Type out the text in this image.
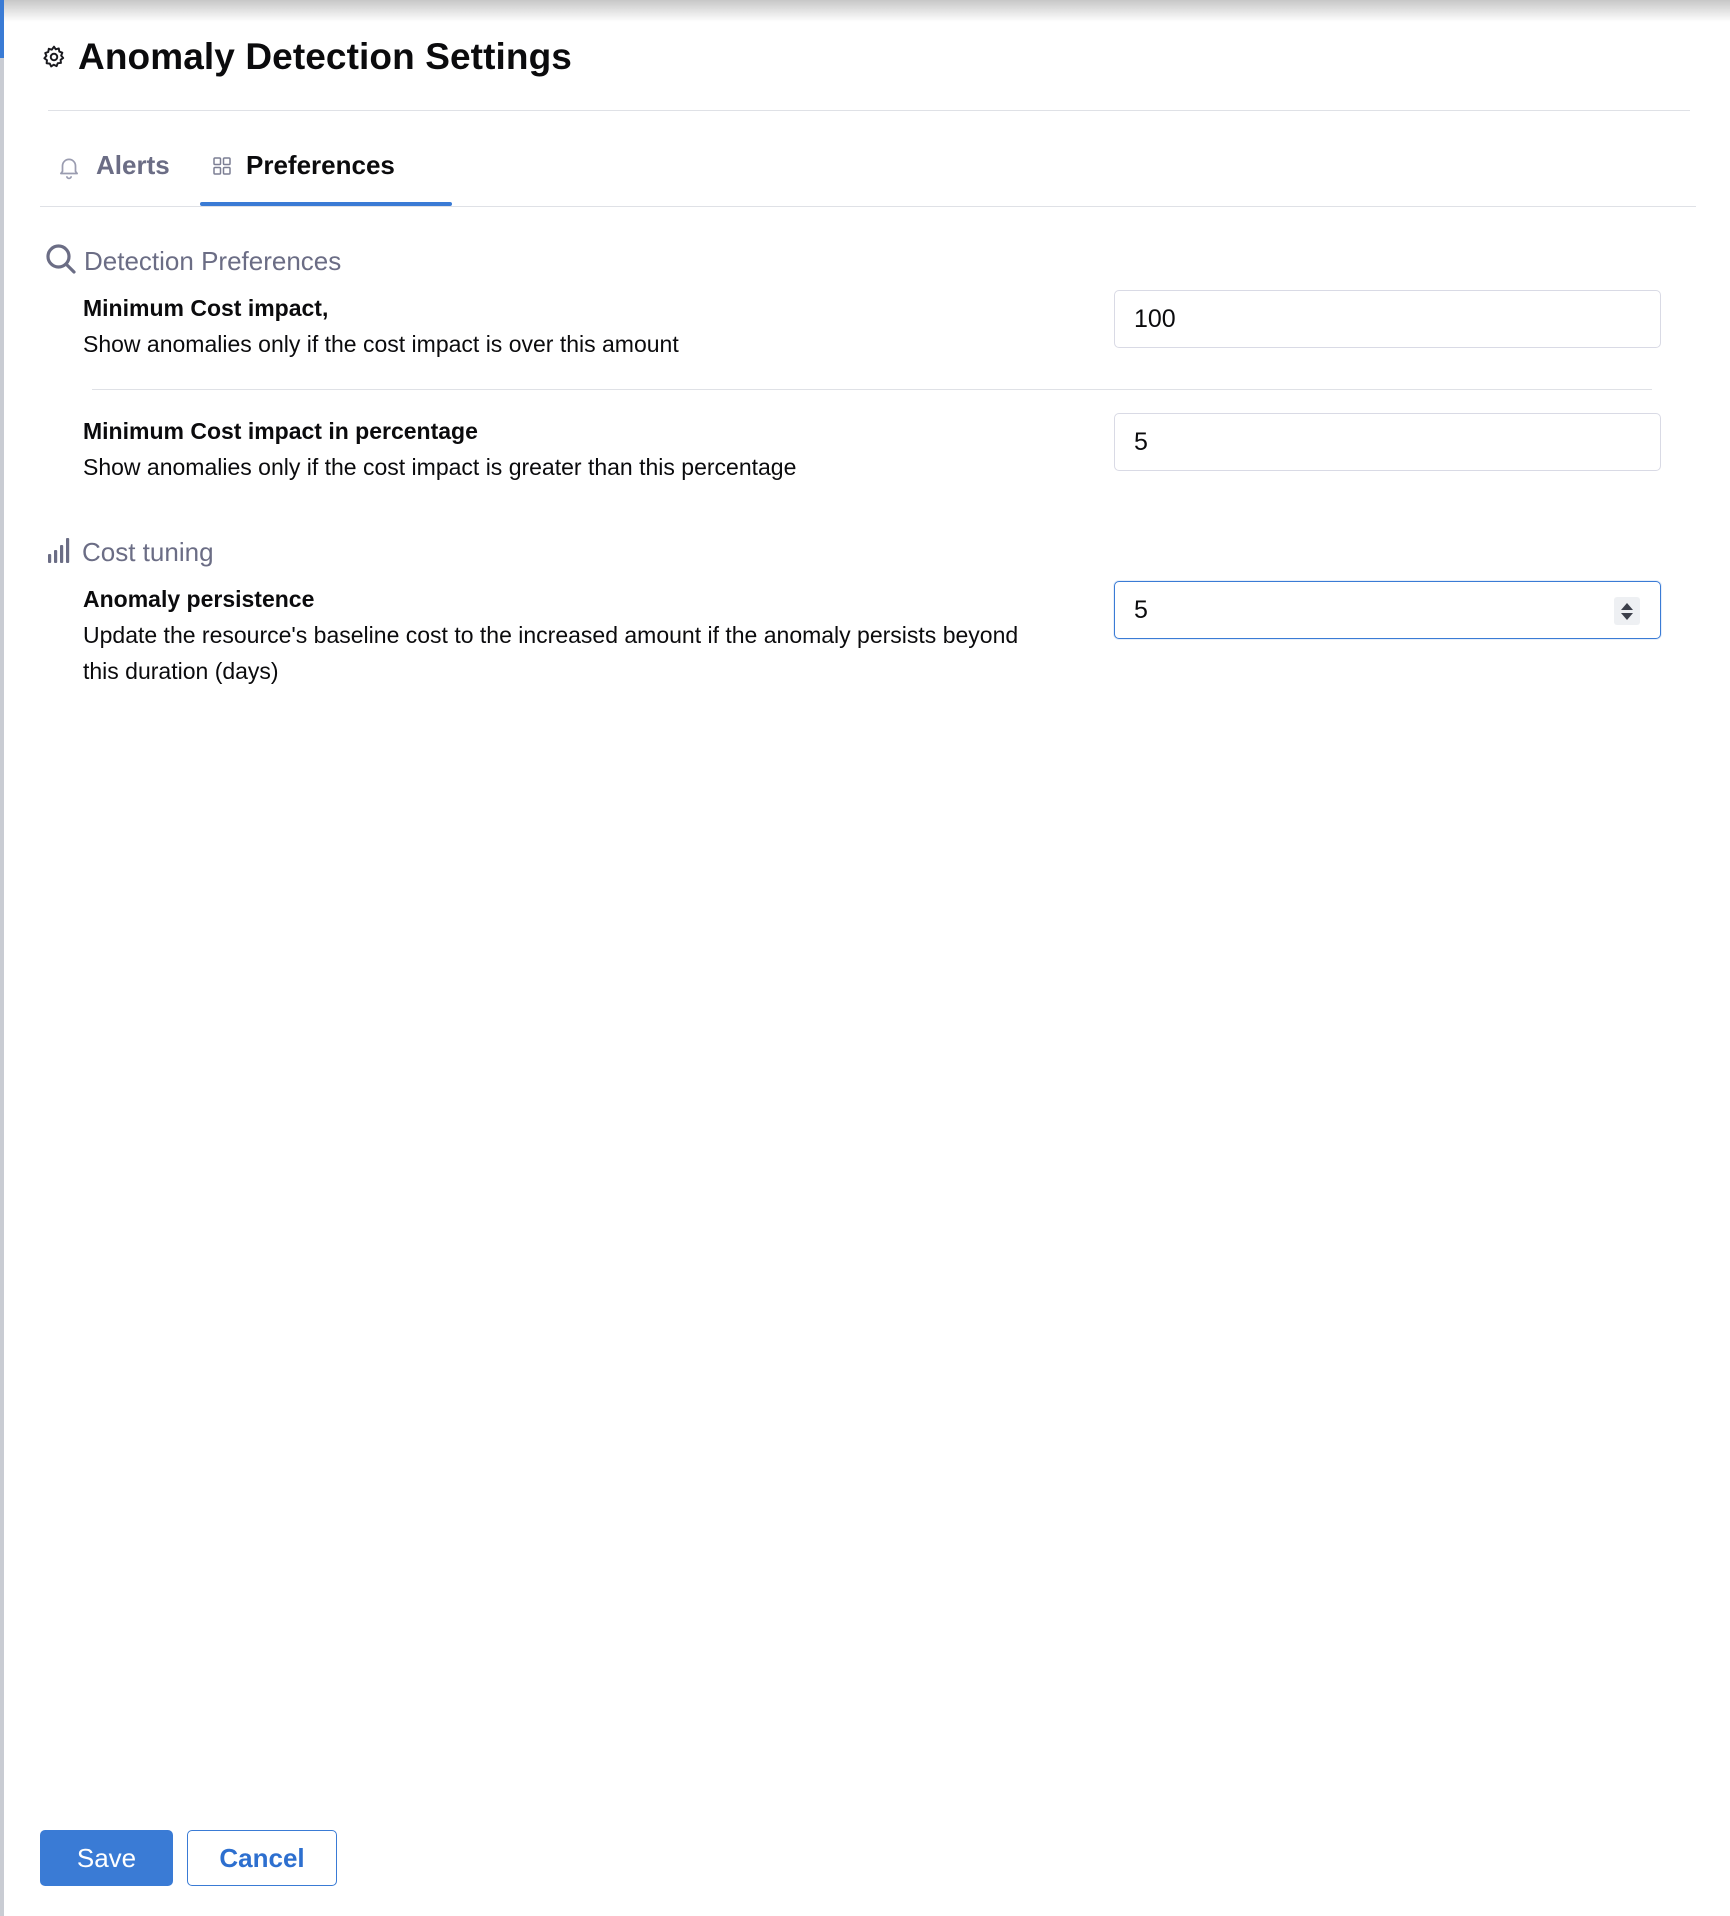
Anomaly Detection Settings
Alerts	Preferences
Detection Preferences
Minimum Cost impact,
Show anomalies only if the cost impact is over this amount
100
Minimum Cost impact in percentage
Show anomalies only if the cost impact is greater than this percentage
5
Cost tuning
Anomaly persistence
Update the resource's baseline cost to the increased amount if the anomaly persists beyond this duration (days)
5
Save	Cancel
